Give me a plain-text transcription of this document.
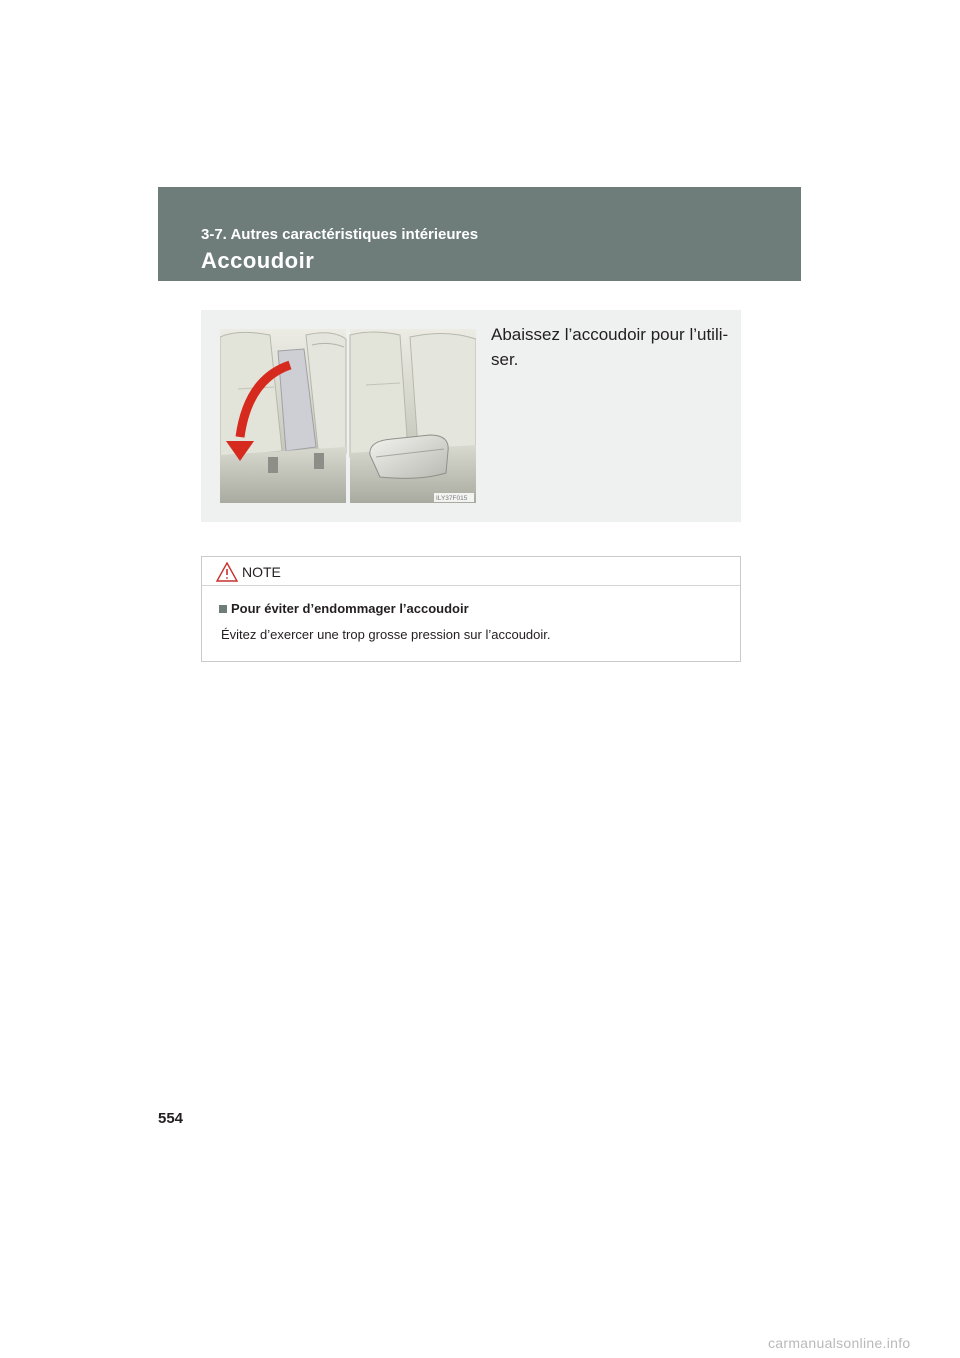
3-7. Autres caractéristiques intérieures
Accoudoir
ILY37F015
Abaissez l’accoudoir pour l’utili-
ser.
NOTE
Pour éviter d’endommager l’accoudoir
Évitez d’exercer une trop grosse pression sur l’accoudoir.
554
carmanualsonline.info
